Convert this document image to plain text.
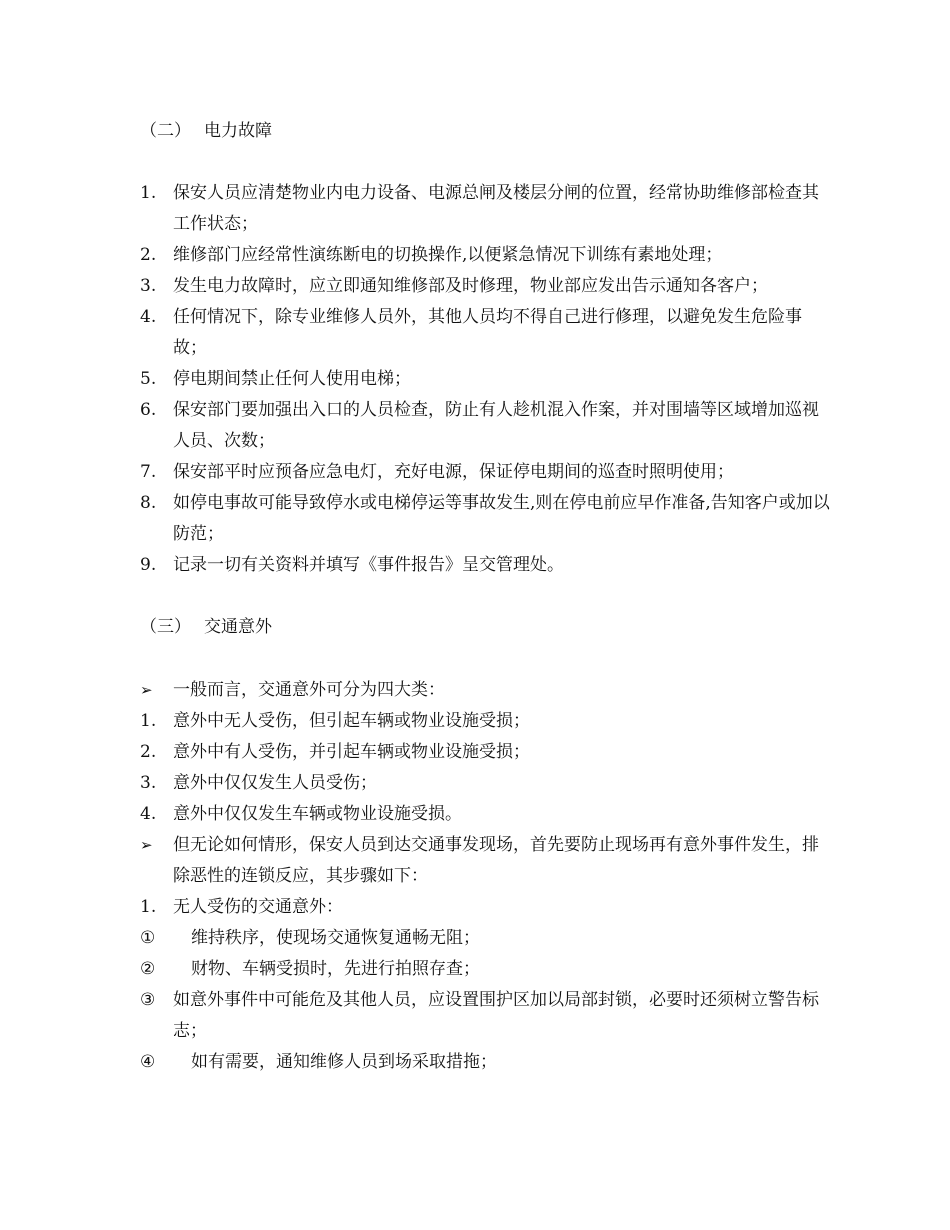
（二） 电力故障
1. 保安人员应清楚物业内电力设备、电源总闸及楼层分闸的位置，经常协助维修部检查其工作状态；
2. 维修部门应经常性演练断电的切换操作,以便紧急情况下训练有素地处理；
3. 发生电力故障时，应立即通知维修部及时修理，物业部应发出告示通知各客户；
4. 任何情况下，除专业维修人员外，其他人员均不得自己进行修理，以避免发生危险事故；
5. 停电期间禁止任何人使用电梯；
6. 保安部门要加强出入口的人员检查，防止有人趁机混入作案，并对围墙等区域增加巡视人员、次数；
7. 保安部平时应预备应急电灯，充好电源，保证停电期间的巡查时照明使用；
8. 如停电事故可能导致停水或电梯停运等事故发生,则在停电前应早作准备,告知客户或加以防范；
9. 记录一切有关资料并填写《事件报告》呈交管理处。
（三） 交通意外
➢	一般而言，交通意外可分为四大类：
1. 意外中无人受伤，但引起车辆或物业设施受损；
2. 意外中有人受伤，并引起车辆或物业设施受损；
3. 意外中仅仅发生人员受伤；
4. 意外中仅仅发生车辆或物业设施受损。
➢	但无论如何情形，保安人员到达交通事发现场，首先要防止现场再有意外事件发生，排除恶性的连锁反应，其步骤如下：
1. 无人受伤的交通意外：
①	维持秩序，使现场交通恢复通畅无阻；
②	财物、车辆受损时，先进行拍照存查；
③	如意外事件中可能危及其他人员，应设置围护区加以局部封锁，必要时还须树立警告标志；
④	如有需要，通知维修人员到场采取措拖；
